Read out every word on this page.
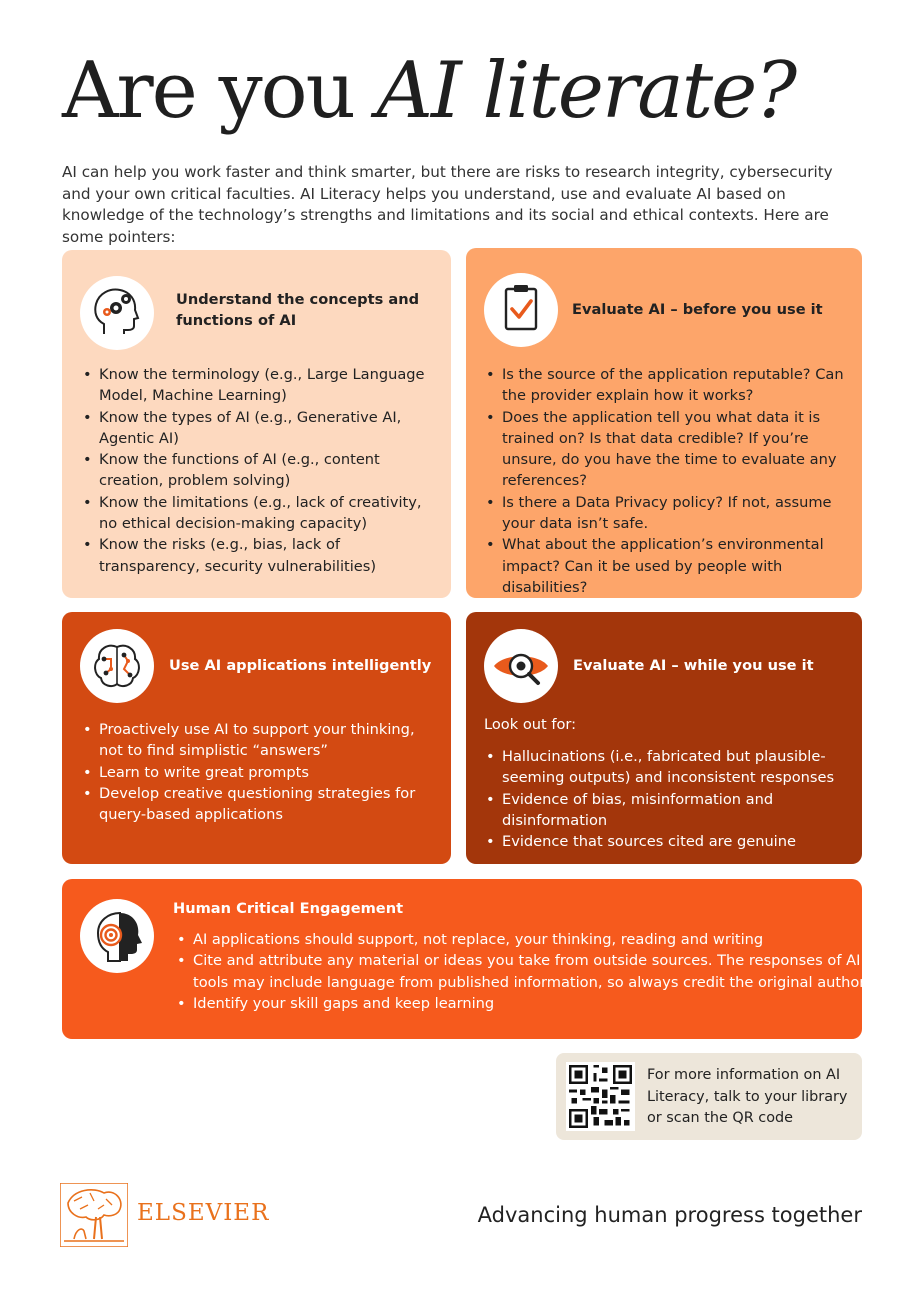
Are you AI literate?

AI can help you work faster and think smarter, but there are risks to research integrity, cybersecurity and your own critical faculties. AI Literacy helps you understand, use and evaluate AI based on knowledge of the technology’s strengths and limitations and its social and ethical contexts. Here are some pointers:

Understand the concepts and functions of AI
• Know the terminology (e.g., Large Language Model, Machine Learning)
• Know the types of AI (e.g., Generative AI, Agentic AI)
• Know the functions of AI (e.g., content creation, problem solving)
• Know the limitations (e.g., lack of creativity, no ethical decision-making capacity)
• Know the risks (e.g., bias, lack of transparency, security vulnerabilities)
Evaluate AI – before you use it
• Is the source of the application reputable? Can the provider explain how it works?
• Does the application tell you what data it is trained on? Is that data credible? If you’re unsure, do you have the time to evaluate any references?
• Is there a Data Privacy policy? If not, assume your data isn’t safe.
• What about the application’s environmental impact? Can it be used by people with disabilities?
Use AI applications intelligently
• Proactively use AI to support your thinking, not to find simplistic “answers”
• Learn to write great prompts
• Develop creative questioning strategies for query-based applications
Evaluate AI – while you use it

Look out for:

• Hallucinations (i.e., fabricated but plausible-seeming outputs) and inconsistent responses
• Evidence of bias, misinformation and disinformation
• Evidence that sources cited are genuine
Human Critical Engagement
• AI applications should support, not replace, your thinking, reading and writing
• Cite and attribute any material or ideas you take from outside sources. The responses of AI tools may include language from published information, so always credit the original authors
• Identify your skill gaps and keep learning

For more information on AI Literacy, talk to your library or scan the QR code

ELSEVIER	Advancing human progress together
